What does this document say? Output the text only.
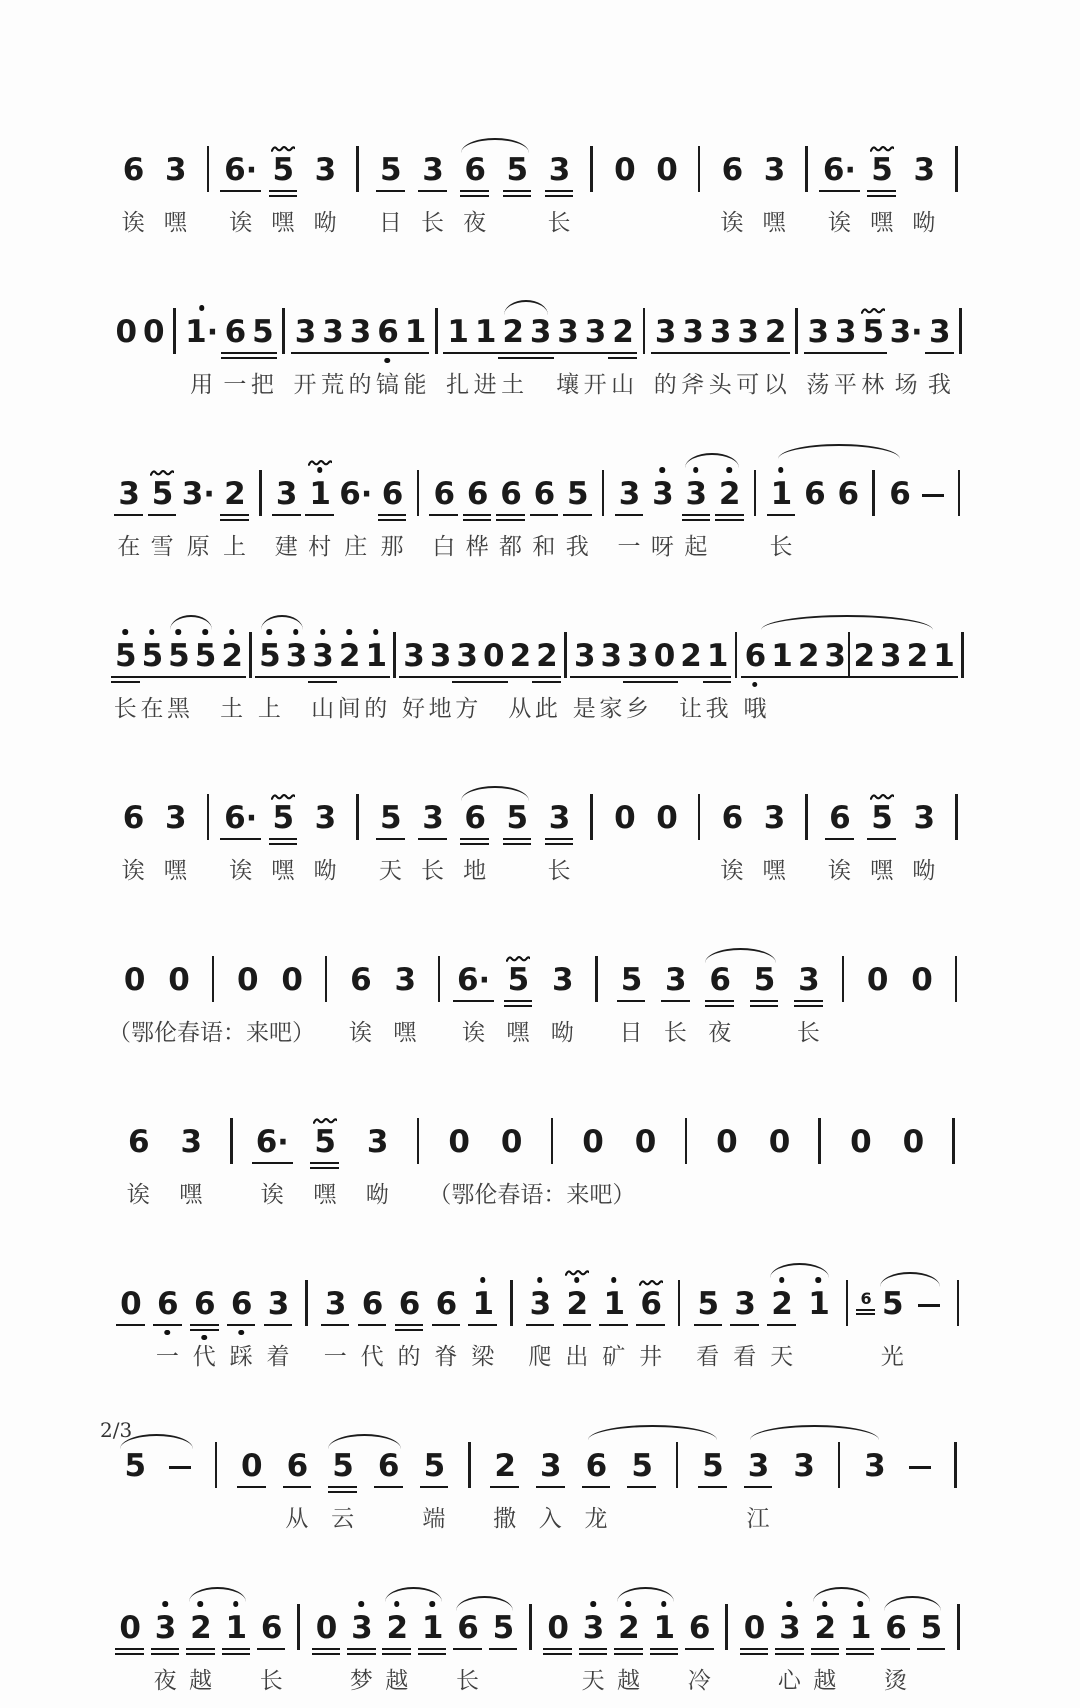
6
诶
3
嘿
6·
诶
5
嘿
3
呦
5
日
3
长
6
夜
5 3
长
0 0 6
诶
3
嘿
6·
诶
5
嘿
3
呦
0 0 1·
用
6
一
5
把
3
开
3
荒
3
的
6
镐
1
能
1
扎
1
进
2
土
3 3
壤
3
开
2
山
3
的
3
斧
3
头
3
可
2
以
3
荡
3
平
5
林
3·
场
3
我
3
在
5
雪
3·
原
2
上
3
建
1
村
6·
庄
6
那
6
白
6
桦
6
都
6
和
5
我
3
一
3
呀
3
起
2 1
长
6 6 6
5
长
5
在
5
黑
5 2
土
5
上
3 3
山
2
间
1
的
3
好
3
地
3
方
0 2
从
2
此
3
是
3
家
3
乡
0 2
让
1
我
6
哦
1 2 3 2 3 2 1
6
诶
3
嘿
6·
诶
5
嘿
3
呦
5
天
3
长
6
地
5 3
长
0 0 6
诶
3
嘿
6
诶
5
嘿
3
呦
0
（鄂伦春语：来吧）
0 0 0 6
诶
3
嘿
6·
诶
5
嘿
3
呦
5
日
3
长
6
夜
5 3
长
0 0
6
诶
3
嘿
6·
诶
5
嘿
3
呦
0
（鄂伦春语：来吧）
0 0 0 0 0 0 0
0 6
一
6
代
6
踩
3
着
3
一
6
代
6
的
6
脊
1
梁
3
爬
2
出
1
矿
6
井
5
看
3
看
2
天
1 6 5
光
5	0 6
从
5
云
6 5
端
2
撒
3
入
6
龙
5 5 3
江
3 3
0 3
夜
2
越
1 6
长
0 3
梦
2
越
1 6
长
5 0 3
天
2
越
1 6
冷
0 3
心
2
越
1 6
烫
5
2/3
